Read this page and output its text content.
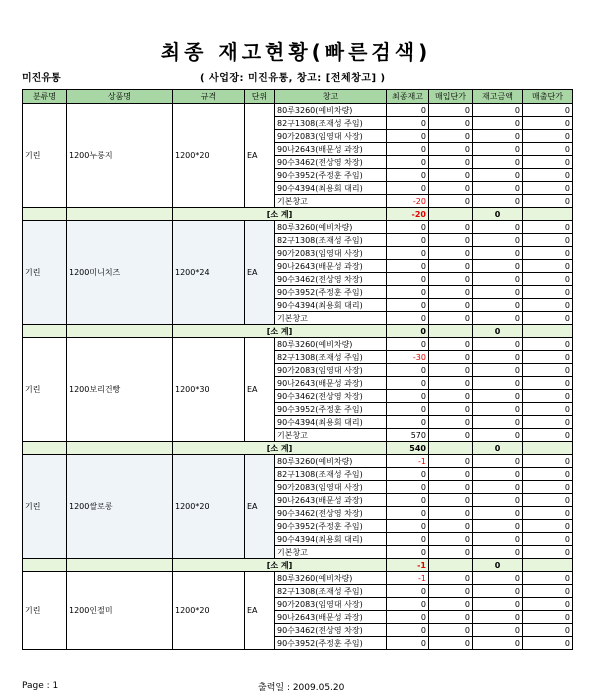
최종 재고현황(빠른검색)
미진유통	( 사업장: 미진유통, 창고: [전체창고] )
분류명	상품명	규격	단위	창고	최종재고	매입단가	재고금액	매출단가
기린	1200누룽지	1200*20	EA	80루3260(예비차량)	0	0	0	0
				82구1308(조재성 주임)	0	0	0	0
				90가2083(임영대 사장)	0	0	0	0
				90나2643(배문성 과장)	0	0	0	0
				90수3462(전상영 차장)	0	0	0	0
				90수3952(주정훈 주임)	0	0	0	0
				90수4394(최용회 대리)	0	0	0	0
				기본창고	-20	0	0	0
		[소 계]			-20		0	
기린	1200미니치즈	1200*24	EA	80루3260(예비차량)	0	0	0	0
				82구1308(조재성 주임)	0	0	0	0
				90가2083(임영대 사장)	0	0	0	0
				90나2643(배문성 과장)	0	0	0	0
				90수3462(전상영 차장)	0	0	0	0
				90수3952(주정훈 주임)	0	0	0	0
				90수4394(최용회 대리)	0	0	0	0
				기본창고	0	0	0	0
		[소 계]			0		0	
기린	1200보리건빵	1200*30	EA	80루3260(예비차량)	0	0	0	0
				82구1308(조재성 주임)	-30	0	0	0
				90가2083(임영대 사장)	0	0	0	0
				90나2643(배문성 과장)	0	0	0	0
				90수3462(전상영 차장)	0	0	0	0
				90수3952(주정훈 주임)	0	0	0	0
				90수4394(최용회 대리)	0	0	0	0
				기본창고	570	0	0	0
		[소 계]			540		0	
기린	1200쌀로롱	1200*20	EA	80루3260(예비차량)	-1	0	0	0
				82구1308(조재성 주임)	0	0	0	0
				90가2083(임영대 사장)	0	0	0	0
				90나2643(배문성 과장)	0	0	0	0
				90수3462(전상영 차장)	0	0	0	0
				90수3952(주정훈 주임)	0	0	0	0
				90수4394(최용회 대리)	0	0	0	0
				기본창고	0	0	0	0
		[소 계]			-1		0	
기린	1200인절미	1200*20	EA	80루3260(예비차량)	-1	0	0	0
				82구1308(조재성 주임)	0	0	0	0
				90가2083(임영대 사장)	0	0	0	0
				90나2643(배문성 과장)	0	0	0	0
				90수3462(전상영 차장)	0	0	0	0
				90수3952(주정훈 주임)	0	0	0	0
Page : 1	출력일 : 2009.05.20
